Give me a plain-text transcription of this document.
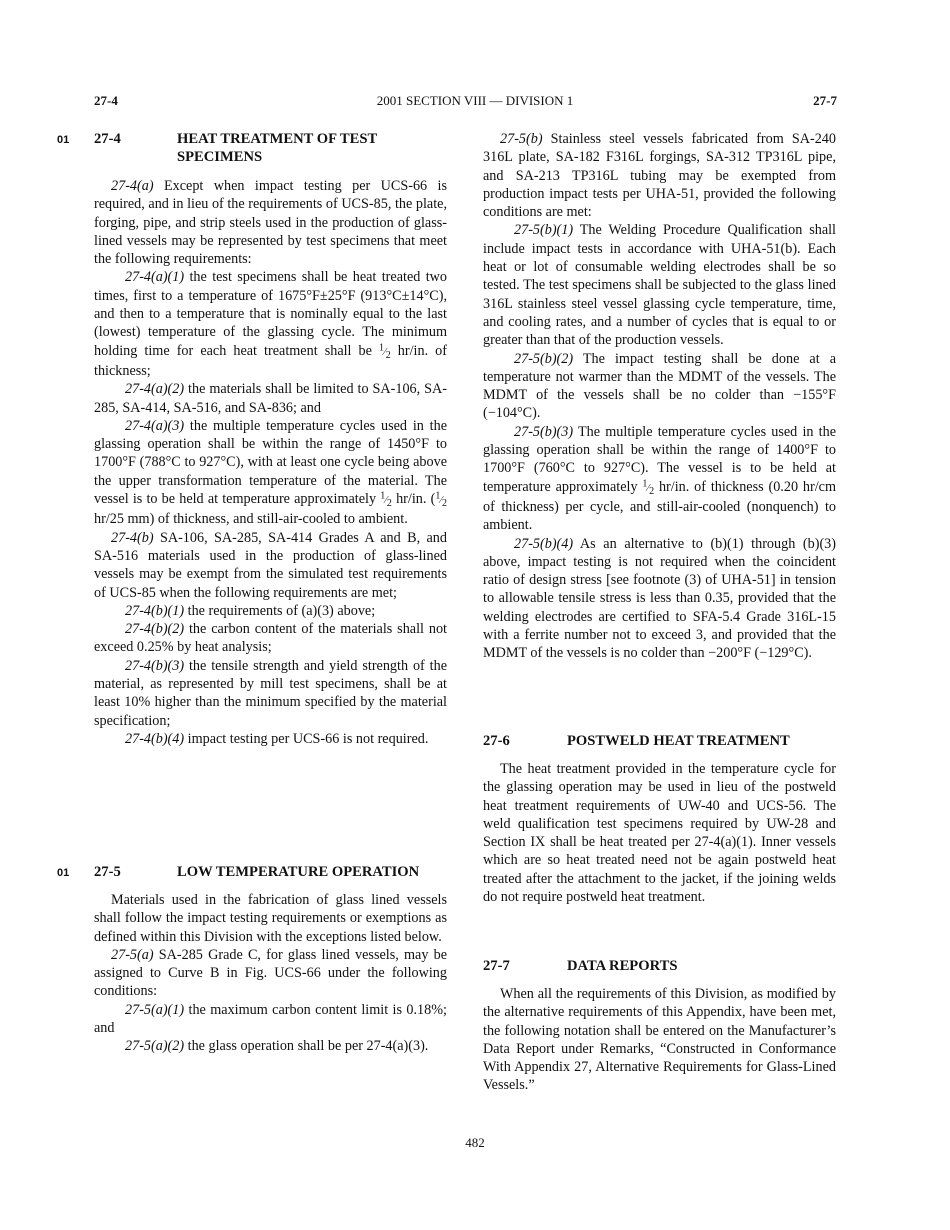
27-4	2001 SECTION VIII — DIVISION 1	27-7
01
01
27-4	HEAT TREATMENT OF TEST
SPECIMENS

27-4(a) Except when impact testing per UCS-66 is required, and in lieu of the requirements of UCS-85, the plate, forging, pipe, and strip steels used in the production of glass-lined vessels may be represented by test specimens that meet the following requirements:

27-4(a)(1) the test specimens shall be heat treated two times, first to a temperature of 1675°F±25°F (913°C±14°C), and then to a temperature that is nominally equal to the last (lowest) temperature of the glassing cycle. The minimum holding time for each heat treatment shall be $^1⁄_2$ hr/in. of thickness;

27-4(a)(2) the materials shall be limited to SA-106, SA-285, SA-414, SA-516, and SA-836; and

27-4(a)(3) the multiple temperature cycles used in the glassing operation shall be within the range of 1450°F to 1700°F (788°C to 927°C), with at least one cycle being above the upper transformation temperature of the material. The vessel is to be held at temperature approximately $^1⁄_2$ hr/in. ($^1⁄_2$ hr/25 mm) of thickness, and still-air-cooled to ambient.

27-4(b) SA-106, SA-285, SA-414 Grades A and B, and SA-516 materials used in the production of glass-lined vessels may be exempt from the simulated test requirements of UCS-85 when the following requirements are met;

27-4(b)(1) the requirements of (a)(3) above;

27-4(b)(2) the carbon content of the materials shall not exceed 0.25% by heat analysis;

27-4(b)(3) the tensile strength and yield strength of the material, as represented by mill test specimens, shall be at least 10% higher than the minimum specified by the material specification;

27-4(b)(4) impact testing per UCS-66 is not required.

27-5	LOW TEMPERATURE OPERATION

Materials used in the fabrication of glass lined vessels shall follow the impact testing requirements or exemptions as defined within this Division with the exceptions listed below.

27-5(a) SA-285 Grade C, for glass lined vessels, may be assigned to Curve B in Fig. UCS-66 under the following conditions:

27-5(a)(1) the maximum carbon content limit is 0.18%; and

27-5(a)(2) the glass operation shall be per 27-4(a)(3).

27-5(b) Stainless steel vessels fabricated from SA-240 316L plate, SA-182 F316L forgings, SA-312 TP316L pipe, and SA-213 TP316L tubing may be exempted from production impact tests per UHA-51, provided the following conditions are met:

27-5(b)(1) The Welding Procedure Qualification shall include impact tests in accordance with UHA-51(b). Each heat or lot of consumable welding electrodes shall be so tested. The test specimens shall be subjected to the glass lined 316L stainless steel vessel glassing cycle temperature, time, and cooling rates, and a number of cycles that is equal to or greater than that of the production vessels.

27-5(b)(2) The impact testing shall be done at a temperature not warmer than the MDMT of the vessels. The MDMT of the vessels shall be no colder than −155°F (−104°C).

27-5(b)(3) The multiple temperature cycles used in the glassing operation shall be within the range of 1400°F to 1700°F (760°C to 927°C). The vessel is to be held at temperature approximately $^1⁄_2$ hr/in. of thickness (0.20 hr/cm of thickness) per cycle, and still-air-cooled (nonquench) to ambient.

27-5(b)(4) As an alternative to (b)(1) through (b)(3) above, impact testing is not required when the coincident ratio of design stress [see footnote (3) of UHA-51] in tension to allowable tensile stress is less than 0.35, provided that the welding electrodes are certified to SFA-5.4 Grade 316L-15 with a ferrite number not to exceed 3, and provided that the MDMT of the vessels is no colder than −200°F (−129°C).

27-6	POSTWELD HEAT TREATMENT

The heat treatment provided in the temperature cycle for the glassing operation may be used in lieu of the postweld heat treatment requirements of UW-40 and UCS-56. The weld qualification test specimens required by UW-28 and Section IX shall be heat treated per 27-4(a)(1). Inner vessels which are so heat treated need not be again postweld heat treated after the attachment to the jacket, if the joining welds do not require postweld heat treatment.

27-7	DATA REPORTS

When all the requirements of this Division, as modified by the alternative requirements of this Appendix, have been met, the following notation shall be entered on the Manufacturer’s Data Report under Remarks, “Constructed in Conformance With Appendix 27, Alternative Requirements for Glass-Lined Vessels.”

482
